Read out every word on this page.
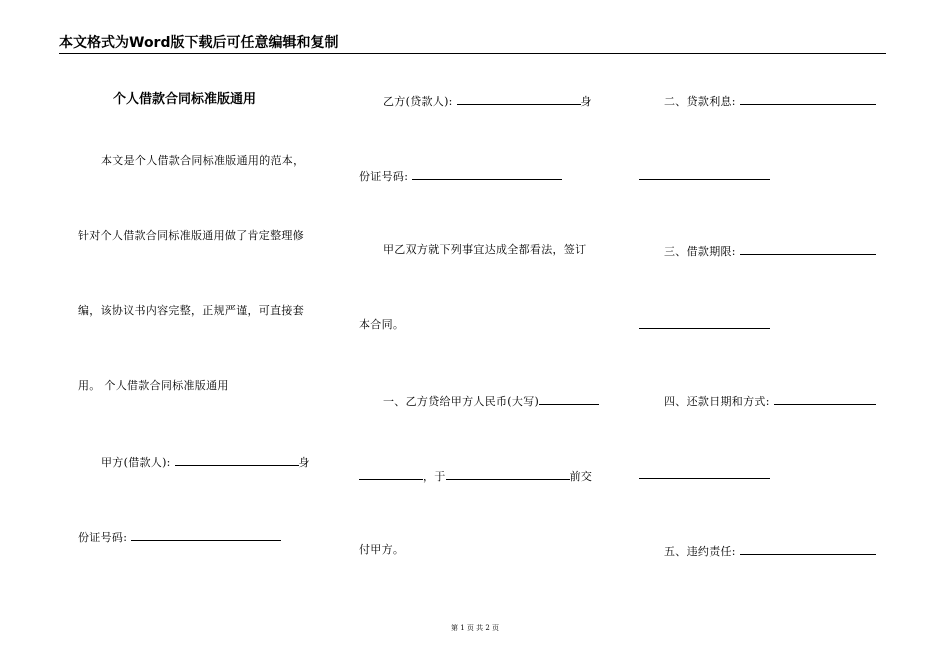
本文格式为Word版下载后可任意编辑和复制
个人借款合同标准版通用
本文是个人借款合同标准版通用的范本，
针对个人借款合同标准版通用做了肯定整理修
编，该协议书内容完整，正规严谨，可直接套
用。 个人借款合同标准版通用
甲方(借款人):	身
份证号码:
乙方(贷款人):	身
份证号码:
甲乙双方就下列事宜达成全都看法，签订
本合同。
一、乙方贷给甲方人民币(大写)
，于	前交
付甲方。
二、贷款利息:
三、借款期限:
四、还款日期和方式:
五、违约责任:
第 1 页 共 2 页
